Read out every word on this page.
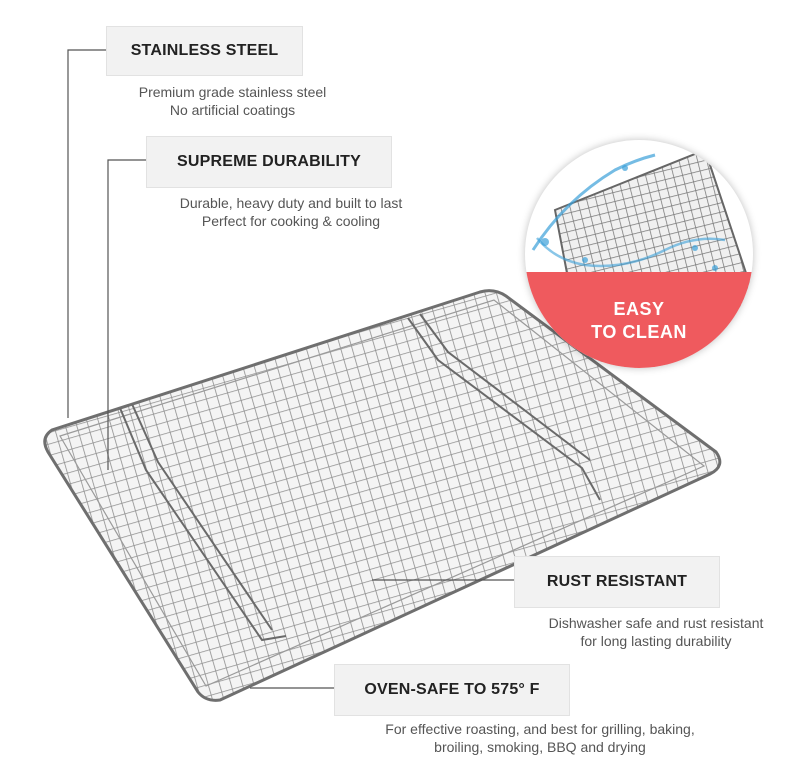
STAINLESS STEEL
Premium grade stainless steel
No artificial coatings
SUPREME DURABILITY
Durable, heavy duty and built to last
Perfect for cooking & cooling
EASY
TO CLEAN
RUST RESISTANT
Dishwasher safe and rust resistant
for long lasting durability
OVEN-SAFE TO 575° F
For effective roasting, and best for grilling, baking,
broiling, smoking, BBQ and drying
